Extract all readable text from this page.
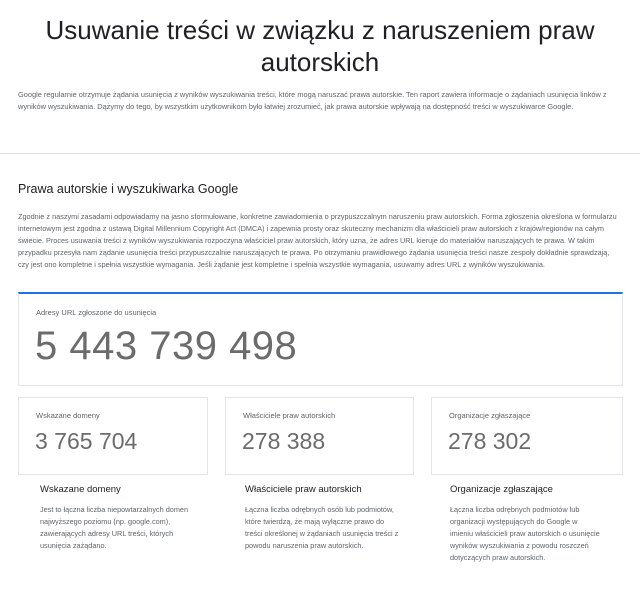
Usuwanie treści w związku z naruszeniem praw autorskich

Google regularnie otrzymuje żądania usunięcia z wyników wyszukiwania treści, które mogą naruszać prawa autorskie. Ten raport zawiera informacje o żądaniach usunięcia linków z wyników wyszukiwania. Dążymy do tego, by wszystkim użytkownikom było łatwiej zrozumieć, jak prawa autorskie wpływają na dostępność treści w wyszukiwarce Google.

Prawa autorskie i wyszukiwarka Google

Zgodnie z naszymi zasadami odpowiadamy na jasno sformułowane, konkretne zawiadomienia o przypuszczalnym naruszeniu praw autorskich. Forma zgłoszenia określona w formularzu internetowym jest zgodna z ustawą Digital Millennium Copyright Act (DMCA) i zapewnia prosty oraz skuteczny mechanizm dla właścicieli praw autorskich z krajów/regionów na całym świecie. Proces usuwania treści z wyników wyszukiwania rozpoczyna właściciel praw autorskich, który uzna, że adres URL kieruje do materiałów naruszających te prawa. W takim przypadku przesyła nam żądanie usunięcia treści przypuszczalnie naruszających te prawa. Po otrzymaniu prawidłowego żądania usunięcia treści nasze zespoły dokładnie sprawdzają, czy jest ono kompletne i spełnia wszystkie wymagania. Jeśli żądanie jest kompletne i spełnia wszystkie wymagania, usuwamy adres URL z wyników wyszukiwania.

Adresy URL zgłoszone do usunięcia
5 443 739 498
Wskazane domeny
3 765 704
Właściciele praw autorskich
278 388
Organizacje zgłaszające
278 302
Wskazane domeny

Jest to łączna liczba niepowtarzalnych domen najwyższego poziomu (np. google.com), zawierających adresy URL treści, których usunięcia zażądano.

Właściciele praw autorskich

Łączna liczba odrębnych osób lub podmiotów, które twierdzą, że mają wyłączne prawo do treści określonej w żądaniach usunięcia treści z powodu naruszenia praw autorskich.

Organizacje zgłaszające

Łączna liczba odrębnych podmiotów lub organizacji występujących do Google w imieniu właścicieli praw autorskich o usunięcie wyników wyszukiwania z powodu roszczeń dotyczących praw autorskich.
